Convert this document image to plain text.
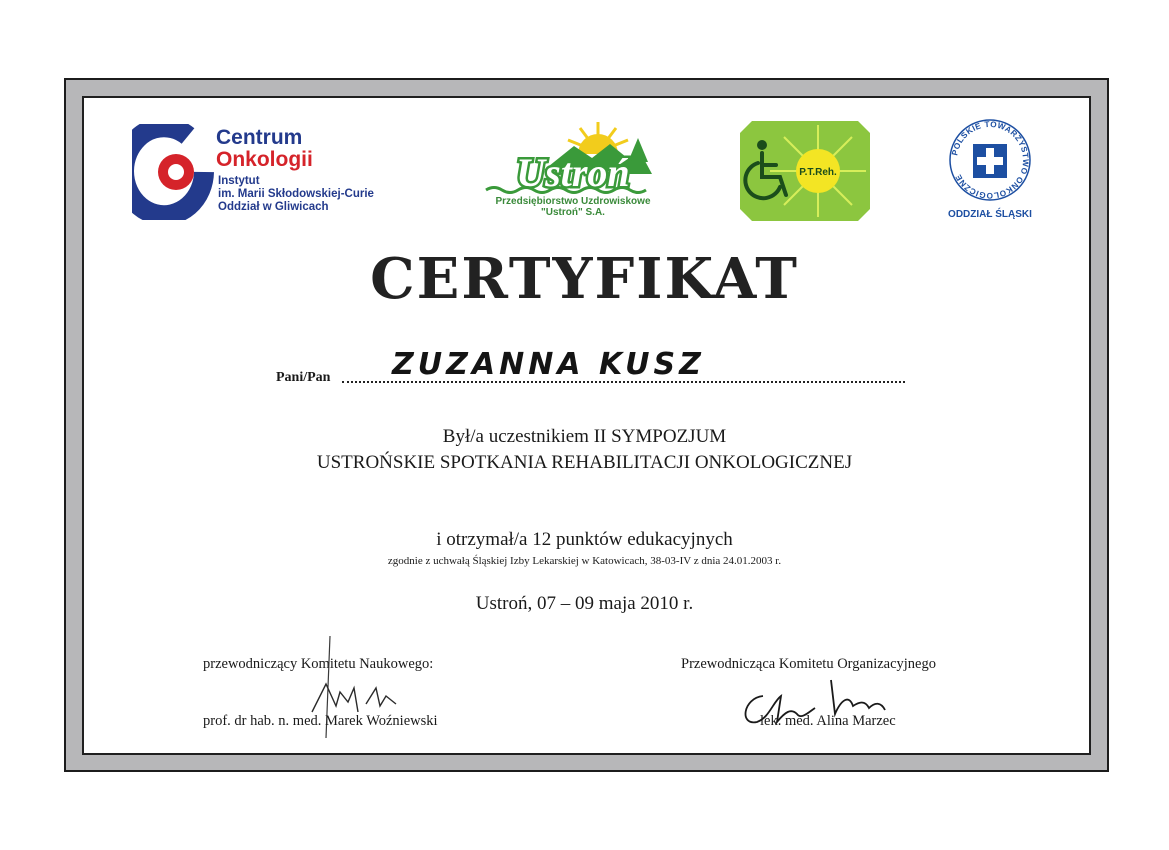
Centrum
Onkologii
Instytut
im. Marii Skłodowskiej-Curie
Oddział w Gliwicach
Ustroń
Przedsiębiorstwo Uzdrowiskowe
"Ustroń" S.A.
P.T.Reh.
POLSKIE TOWARZYSTWO ONKOLOGICZNE
ODDZIAŁ ŚLĄSKI
CERTYFIKAT
Pani/Pan ZUZANNA KUSZ
Był/a uczestnikiem II SYMPOZJUM
USTROŃSKIE SPOTKANIA REHABILITACJI ONKOLOGICZNEJ
i otrzymał/a 12 punktów edukacyjnych
zgodnie z uchwałą Śląskiej Izby Lekarskiej w Katowicach, 38-03-IV z dnia 24.01.2003 r.
Ustroń, 07 – 09 maja 2010 r.
przewodniczący Komitetu Naukowego:
prof. dr hab. n. med. Marek Woźniewski
Przewodnicząca Komitetu Organizacyjnego
lek. med. Alina Marzec
